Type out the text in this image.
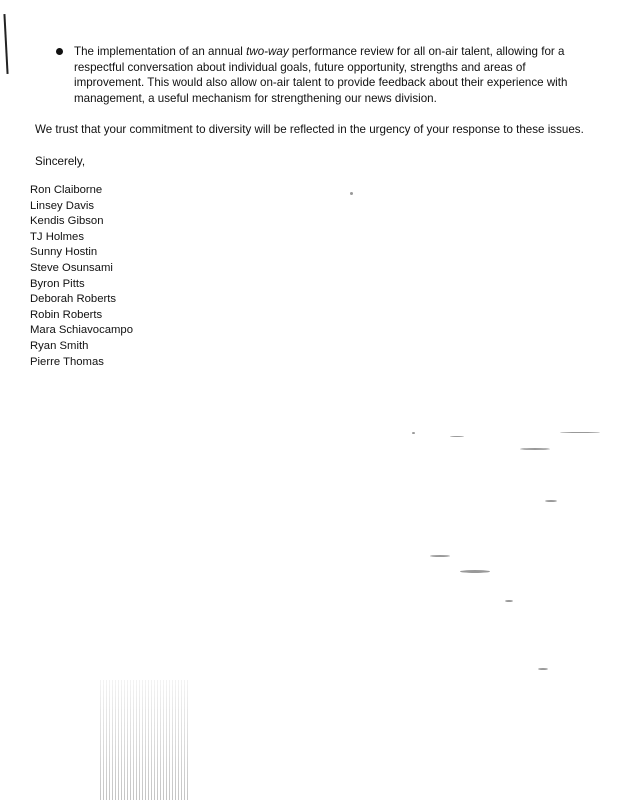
The implementation of an annual two-way performance review for all on-air talent, allowing for a respectful conversation about individual goals, future opportunity, strengths and areas of improvement. This would also allow on-air talent to provide feedback about their experience with management, a useful mechanism for strengthening our news division.
We trust that your commitment to diversity will be reflected in the urgency of your response to these issues.
Sincerely,
Ron Claiborne
Linsey Davis
Kendis Gibson
TJ Holmes
Sunny Hostin
Steve Osunsami
Byron Pitts
Deborah Roberts
Robin Roberts
Mara Schiavocampo
Ryan Smith
Pierre Thomas
